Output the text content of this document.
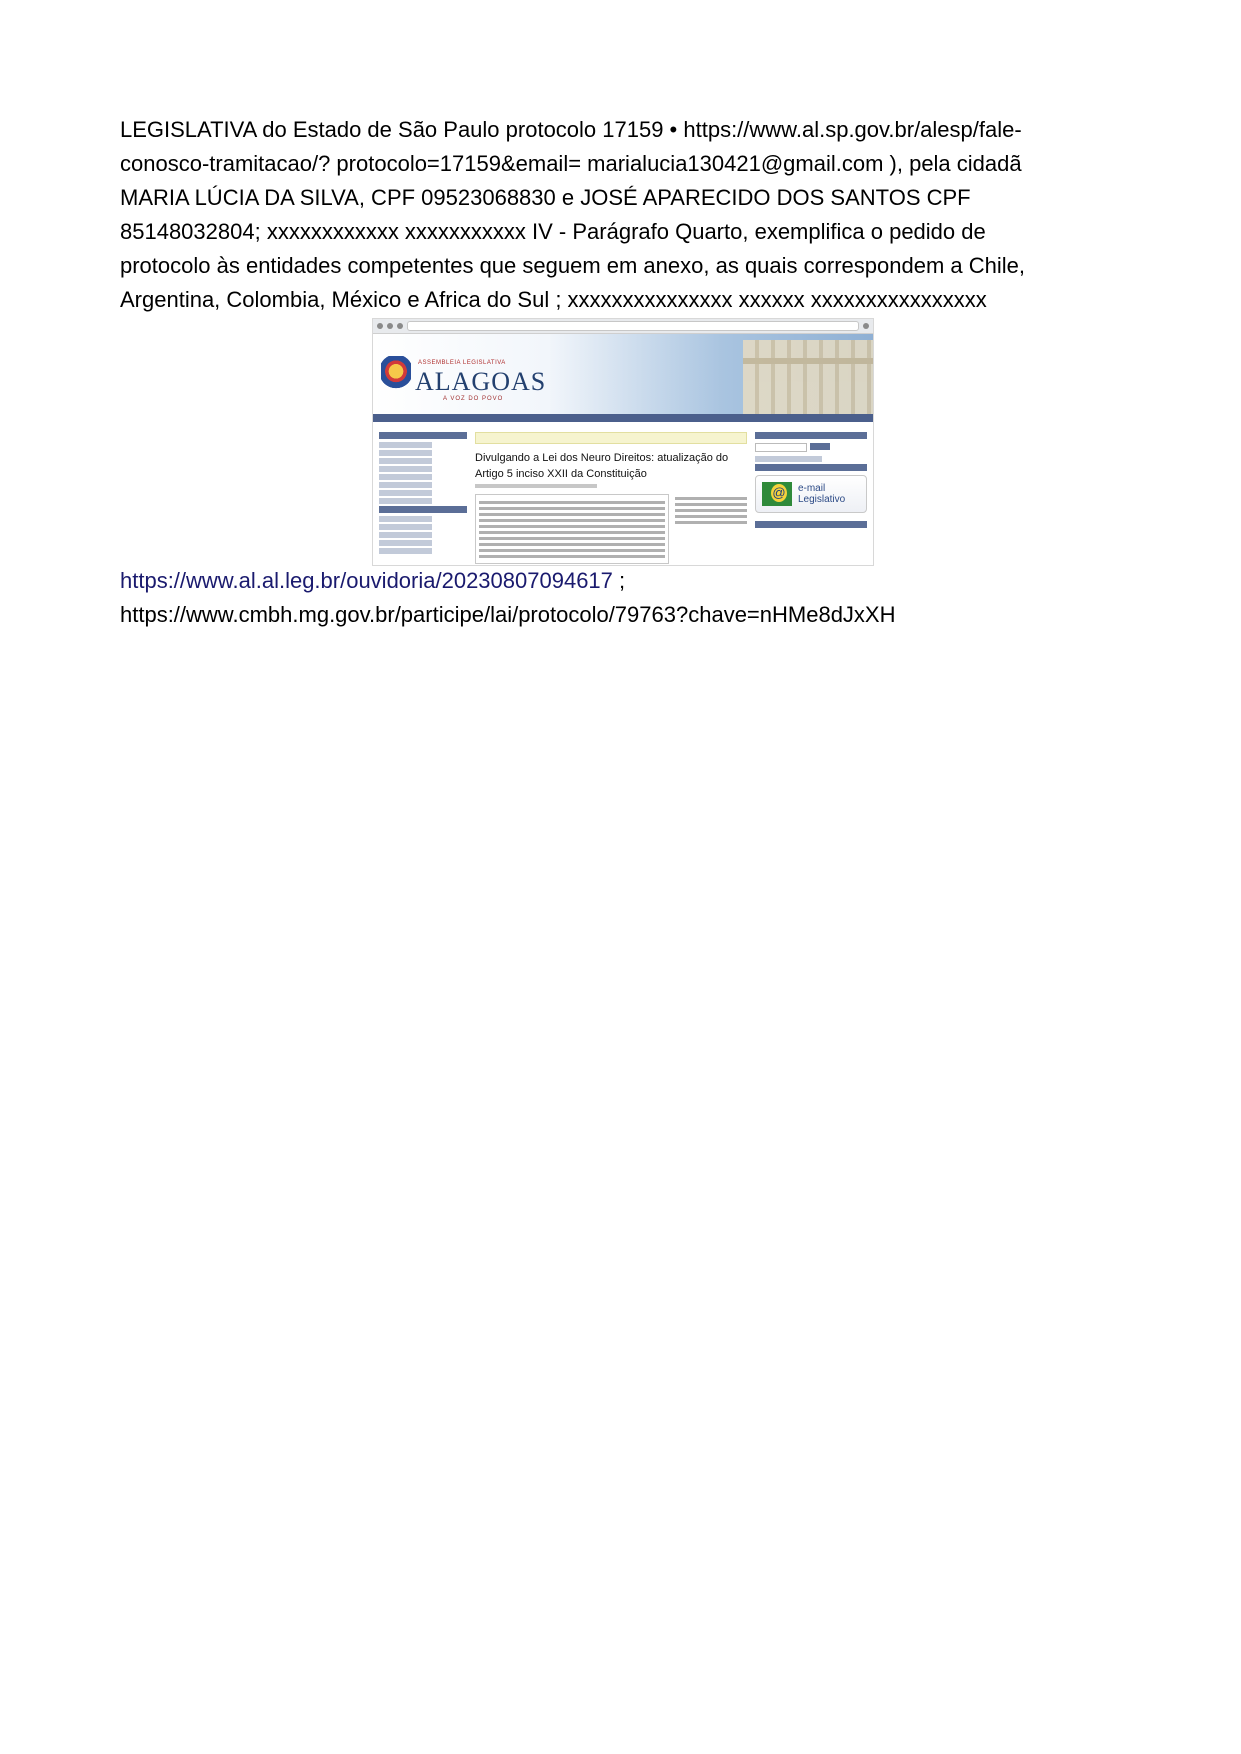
LEGISLATIVA do Estado de São Paulo protocolo 17159 • https://www.al.sp.gov.br/alesp/fale-
conosco-tramitacao/? protocolo=17159&email= marialucia130421@gmail.com ), pela cidadã
MARIA LÚCIA DA SILVA, CPF 09523068830 e JOSÉ APARECIDO DOS SANTOS CPF
85148032804; xxxxxxxxxxxx xxxxxxxxxxx IV - Parágrafo Quarto, exemplifica o pedido de
protocolo às entidades competentes que seguem em anexo, as quais correspondem a Chile,
Argentina, Colombia, México e Africa do Sul ; xxxxxxxxxxxxxxx xxxxxx xxxxxxxxxxxxxxxx

ASSEMBLEIA LEGISLATIVA
ALAGOAS
A VOZ DO POVO
Divulgando a Lei dos Neuro Direitos: atualização do Artigo 5 inciso XXII da Constituição
@
e-mail Legislativo
https://www.al.al.leg.br/ouvidoria/20230807094617 ;
https://www.cmbh.mg.gov.br/participe/lai/protocolo/79763?chave=nHMe8dJxXH
